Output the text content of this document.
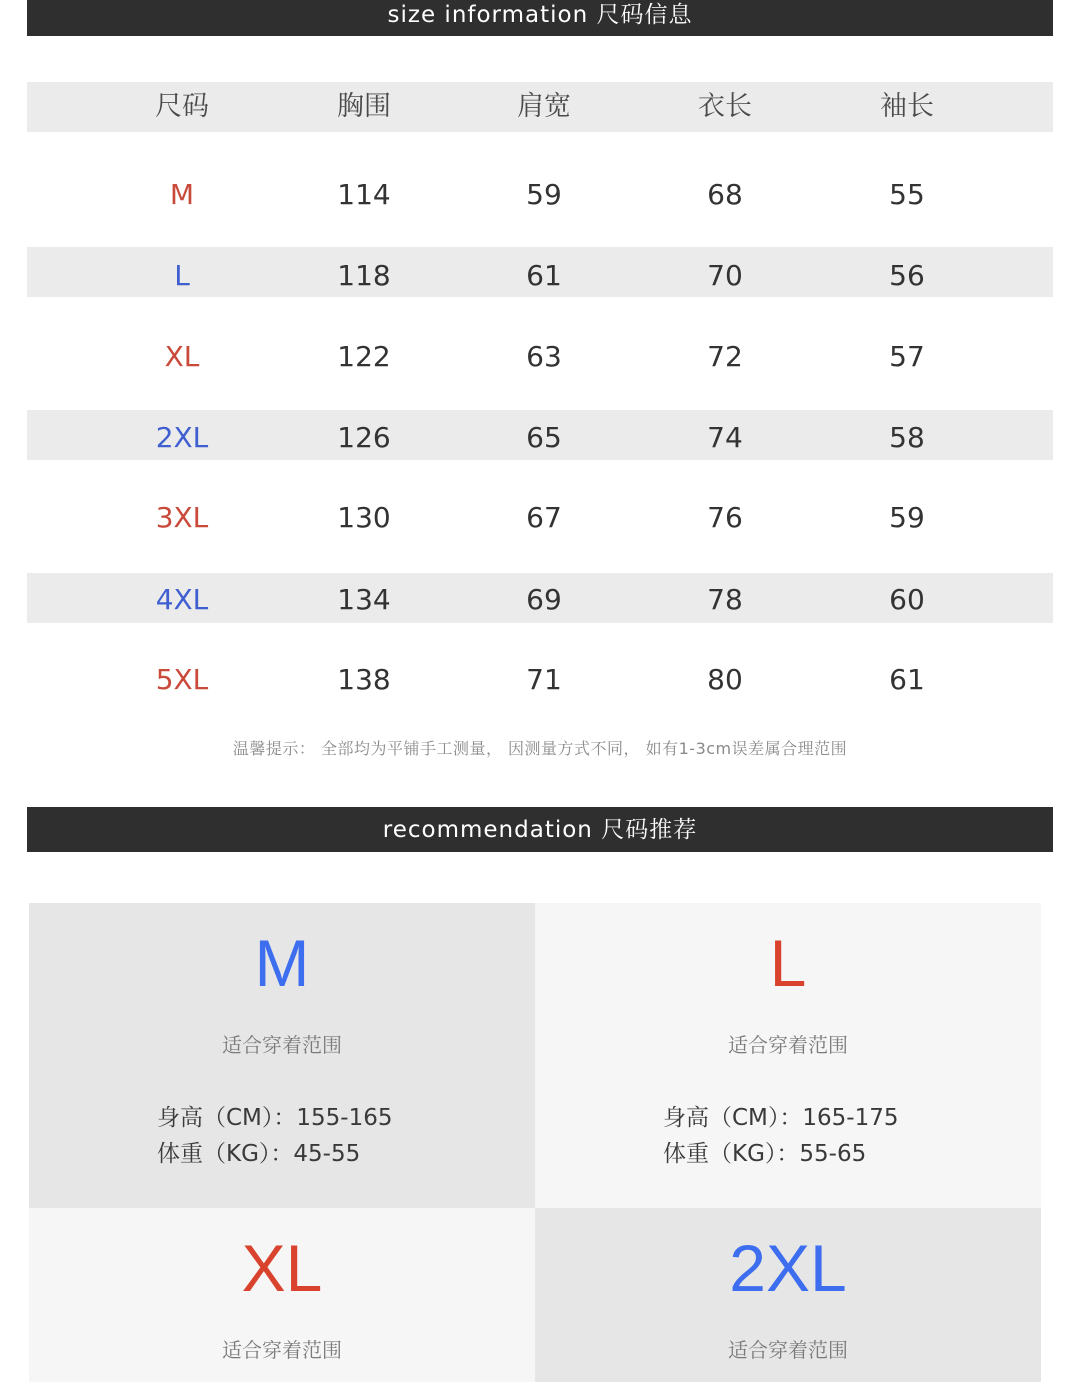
size information 尺码信息
尺码	胸围	肩宽	衣长	袖长
M	114	59	68	55
L	118	61	70	56
XL	122	63	72	57
2XL	126	65	74	58
3XL	130	67	76	59
4XL	134	69	78	60
5XL	138	71	80	61
温馨提示： 全部均为平铺手工测量， 因测量方式不同， 如有1-3cm误差属合理范围
recommendation 尺码推荐
M
适合穿着范围
身高（CM）：155-165
体重（KG）：45-55
L
适合穿着范围
身高（CM）：165-175
体重（KG）：55-65
XL
适合穿着范围
2XL
适合穿着范围
